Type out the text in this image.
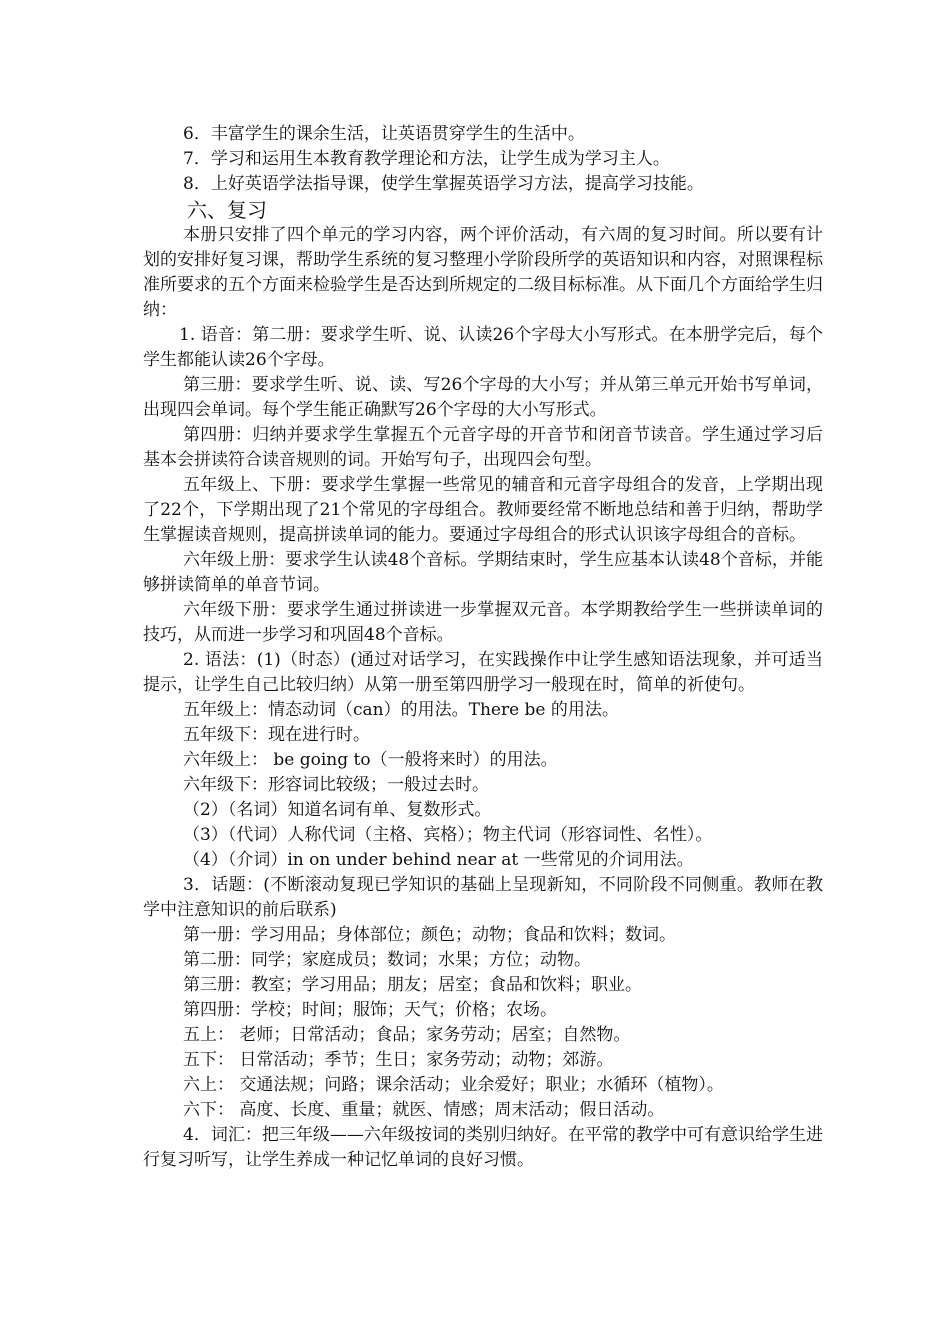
6．丰富学生的课余生活，让英语贯穿学生的生活中。

7．学习和运用生本教育教学理论和方法，让学生成为学习主人。

8．上好英语学法指导课，使学生掌握英语学习方法，提高学习技能。

六、复习

本册只安排了四个单元的学习内容，两个评价活动，有六周的复习时间。所以要有计划的安排好复习课，帮助学生系统的复习整理小学阶段所学的英语知识和内容，对照课程标准所要求的五个方面来检验学生是否达到所规定的二级目标标准。从下面几个方面给学生归纳：

1. 语音：第二册：要求学生听、说、认读26个字母大小写形式。在本册学完后，每个学生都能认读26个字母。

第三册：要求学生听、说、读、写26个字母的大小写；并从第三单元开始书写单词，出现四会单词。每个学生能正确默写26个字母的大小写形式。

第四册：归纳并要求学生掌握五个元音字母的开音节和闭音节读音。学生通过学习后基本会拼读符合读音规则的词。开始写句子，出现四会句型。

五年级上、下册：要求学生掌握一些常见的辅音和元音字母组合的发音，上学期出现了22个，下学期出现了21个常见的字母组合。教师要经常不断地总结和善于归纳，帮助学生掌握读音规则，提高拼读单词的能力。要通过字母组合的形式认识该字母组合的音标。

六年级上册：要求学生认读48个音标。学期结束时，学生应基本认读48个音标，并能够拼读简单的单音节词。

六年级下册：要求学生通过拼读进一步掌握双元音。本学期教给学生一些拼读单词的技巧，从而进一步学习和巩固48个音标。

2. 语法：(1)（时态）(通过对话学习，在实践操作中让学生感知语法现象，并可适当提示，让学生自己比较归纳）从第一册至第四册学习一般现在时，简单的祈使句。

五年级上：情态动词（can）的用法。There be 的用法。

五年级下：现在进行时。

六年级上： be going to（一般将来时）的用法。

六年级下：形容词比较级；一般过去时。

（2）（名词）知道名词有单、复数形式。

（3）（代词）人称代词（主格、宾格）；物主代词（形容词性、名性）。

（4）（介词）in on under behind near at 一些常见的介词用法。

3．话题：(不断滚动复现已学知识的基础上呈现新知，不同阶段不同侧重。教师在教学中注意知识的前后联系)

第一册：学习用品；身体部位；颜色；动物；食品和饮料；数词。

第二册：同学；家庭成员；数词；水果；方位；动物。

第三册：教室；学习用品；朋友；居室；食品和饮料；职业。

第四册：学校；时间；服饰；天气；价格；农场。

五上： 老师；日常活动；食品；家务劳动；居室；自然物。

五下： 日常活动；季节；生日；家务劳动；动物；郊游。

六上： 交通法规；问路；课余活动；业余爱好；职业；水循环（植物）。

六下： 高度、长度、重量；就医、情感；周末活动；假日活动。

4．词汇：把三年级——六年级按词的类别归纳好。在平常的教学中可有意识给学生进行复习听写，让学生养成一种记忆单词的良好习惯。
